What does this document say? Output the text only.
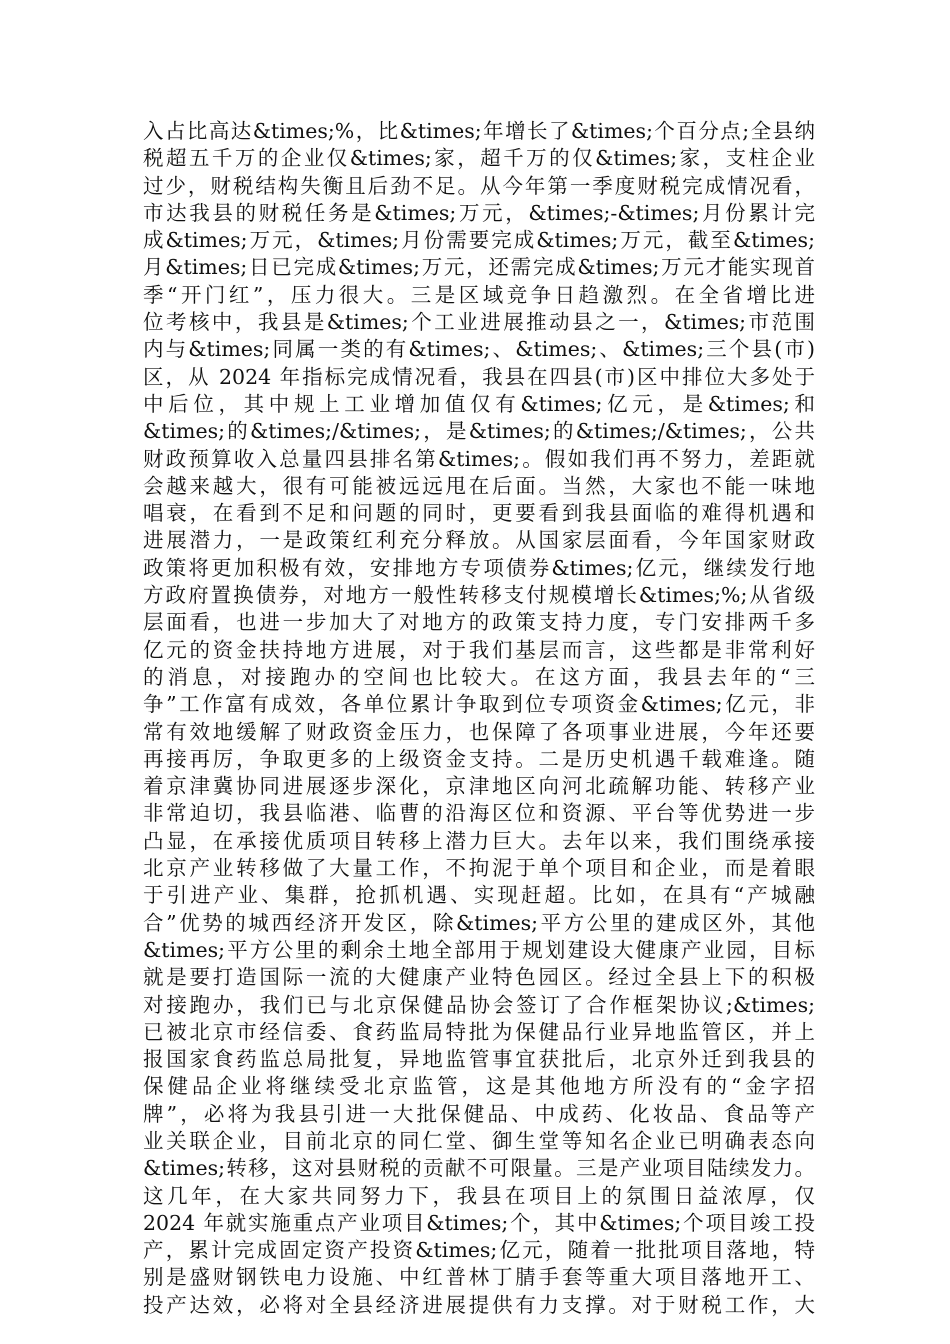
入占比高达&times;%，比&times;年增长了&times;个百分点;全县纳
税超五千万的企业仅&times;家，超千万的仅&times;家，支柱企业
过少，财税结构失衡且后劲不足。从今年第一季度财税完成情况看，
市达我县的财税任务是&times;万元，&times;-&times;月份累计完
成&times;万元，&times;月份需要完成&times;万元，截至&times;
月&times;日已完成&times;万元，还需完成&times;万元才能实现首
季“开门红”，压力很大。三是区域竞争日趋激烈。在全省增比进
位考核中，我县是&times;个工业进展推动县之一，&times;市范围
内与&times;同属一类的有&times;、&times;、&times;三个县(市)
区，从 2024 年指标完成情况看，我县在四县(市)区中排位大多处于
中后位，其中规上工业增加值仅有&times;亿元，是&times;和
&times;的&times;/&times;，是&times;的&times;/&times;，公共
财政预算收入总量四县排名第&times;。假如我们再不努力，差距就
会越来越大，很有可能被远远甩在后面。当然，大家也不能一味地
唱衰，在看到不足和问题的同时，更要看到我县面临的难得机遇和
进展潜力，一是政策红利充分释放。从国家层面看，今年国家财政
政策将更加积极有效，安排地方专项债券&times;亿元，继续发行地
方政府置换债券，对地方一般性转移支付规模增长&times;%;从省级
层面看，也进一步加大了对地方的政策支持力度，专门安排两千多
亿元的资金扶持地方进展，对于我们基层而言，这些都是非常利好
的消息，对接跑办的空间也比较大。在这方面，我县去年的“三
争”工作富有成效，各单位累计争取到位专项资金&times;亿元，非
常有效地缓解了财政资金压力，也保障了各项事业进展，今年还要
再接再厉，争取更多的上级资金支持。二是历史机遇千载难逢。随
着京津冀协同进展逐步深化，京津地区向河北疏解功能、转移产业
非常迫切，我县临港、临曹的沿海区位和资源、平台等优势进一步
凸显，在承接优质项目转移上潜力巨大。去年以来，我们围绕承接
北京产业转移做了大量工作，不拘泥于单个项目和企业，而是着眼
于引进产业、集群，抢抓机遇、实现赶超。比如，在具有“产城融
合”优势的城西经济开发区，除&times;平方公里的建成区外，其他
&times;平方公里的剩余土地全部用于规划建设大健康产业园，目标
就是要打造国际一流的大健康产业特色园区。经过全县上下的积极
对接跑办，我们已与北京保健品协会签订了合作框架协议;&times;
已被北京市经信委、食药监局特批为保健品行业异地监管区，并上
报国家食药监总局批复，异地监管事宜获批后，北京外迁到我县的
保健品企业将继续受北京监管，这是其他地方所没有的“金字招
牌”，必将为我县引进一大批保健品、中成药、化妆品、食品等产
业关联企业，目前北京的同仁堂、御生堂等知名企业已明确表态向
&times;转移，这对县财税的贡献不可限量。三是产业项目陆续发力。
这几年，在大家共同努力下，我县在项目上的氛围日益浓厚，仅
2024 年就实施重点产业项目&times;个，其中&times;个项目竣工投
产，累计完成固定资产投资&times;亿元，随着一批批项目落地，特
别是盛财钢铁电力设施、中红普林丁腈手套等重大项目落地开工、
投产达效，必将对全县经济进展提供有力支撑。对于财税工作，大
